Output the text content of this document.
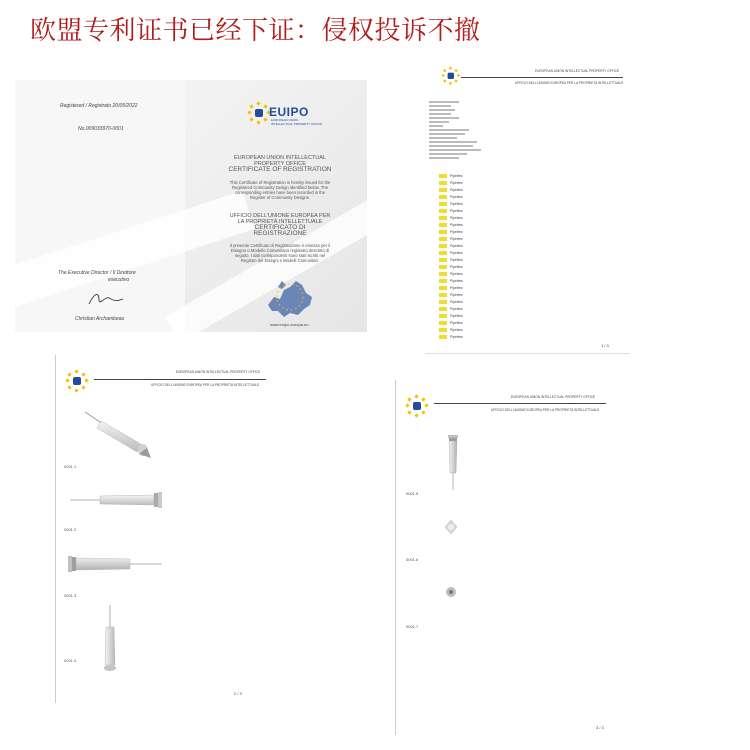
欧盟专利证书已经下证：侵权投诉不撤
Registered / Registrato 20/05/2022
No.009033970-0001
EUIPO
EUROPEAN UNION
INTELLECTUAL PROPERTY OFFICE
EUROPEAN UNION INTELLECTUAL
PROPERTY OFFICE
CERTIFICATE OF REGISTRATION
This Certificate of Registration is hereby issued for the
Registered Community Design identified below. The
corresponding entries have been recorded in the
Register of Community Designs.
UFFICIO DELL'UNIONE EUROPEA PER
LA PROPRIETÀ INTELLETTUALE
CERTIFICATO DI
REGISTRAZIONE
Il presente Certificato di Registrazione è emesso per il
Disegno o Modello Comunitario registrato descritto di
seguito. I dati corrispondenti sono stati iscritti nel
Registro dei Disegni e Modelli Comunitari.
www.euipo.europa.eu
The Executive Director / Il Direttore
esecutivo
Christian Archambeau
EUROPEAN UNION INTELLECTUAL PROPERTY OFFICE
UFFICIO DELL'UNIONE EUROPEA PER LA PROPRIETÀ INTELLETTUALE
Pipettes
Pipettes
Pipettes
Pipettes
Pipettes
Pipettes
Pipettes
Pipettes
Pipettes
Pipettes
Pipettes
Pipettes
Pipettes
Pipettes
Pipettes
Pipettes
Pipettes
Pipettes
Pipettes
Pipettes
Pipettes
Pipettes
Pipettes
Pipettes
1 / 3
EUROPEAN UNION INTELLECTUAL PROPERTY OFFICE
UFFICIO DELL'UNIONE EUROPEA PER LA PROPRIETÀ INTELLETTUALE
0001.1
0001.2
0001.3
0001.4
2 / 3
EUROPEAN UNION INTELLECTUAL PROPERTY OFFICE
UFFICIO DELL'UNIONE EUROPEA PER LA PROPRIETÀ INTELLETTUALE
0001.5
0001.6
0001.7
3 / 3
